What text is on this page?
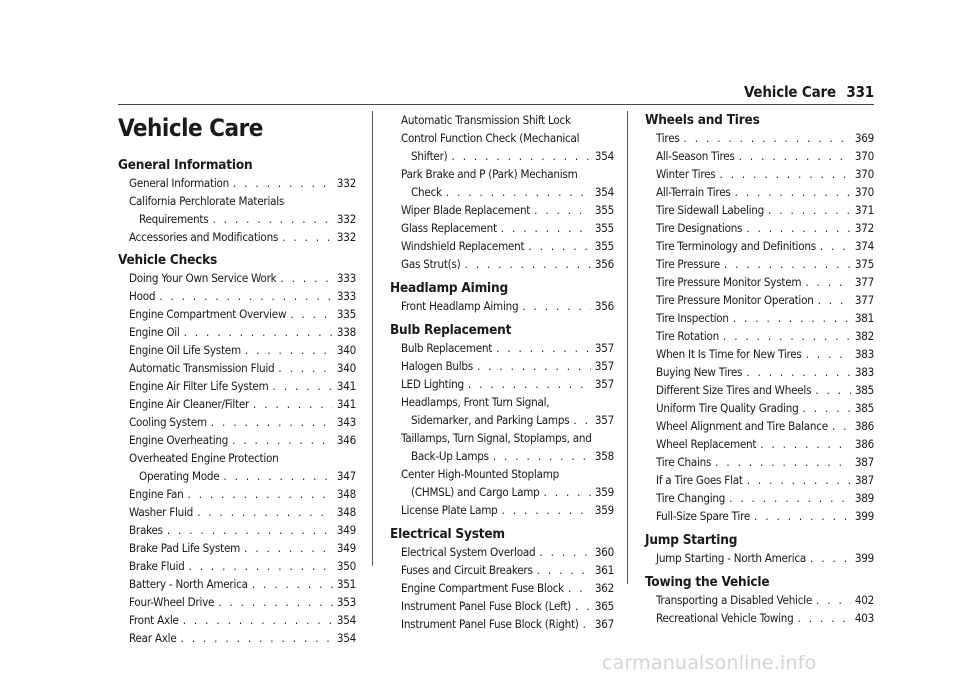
Vehicle Care 331
Vehicle Care
General Information
General Information . . .	332
California Perchlorate Materials
Requirements . . .	332
Accessories and Modifications . . .	332
Vehicle Checks
Doing Your Own Service Work . . .	333
Hood . . .	333
Engine Compartment Overview . . .	335
Engine Oil . . .	338
Engine Oil Life System . . .	340
Automatic Transmission Fluid . . .	340
Engine Air Filter Life System . . .	341
Engine Air Cleaner/Filter . . .	341
Cooling System . . .	343
Engine Overheating . . .	346
Overheated Engine Protection
Operating Mode . . .	347
Engine Fan . . .	348
Washer Fluid . . .	348
Brakes . . .	349
Brake Pad Life System . . .	349
Brake Fluid . . .	350
Battery - North America . . .	351
Four-Wheel Drive . . .	353
Front Axle . . .	354
Rear Axle . . .	354
Automatic Transmission Shift Lock
Control Function Check (Mechanical
Shifter) . . .	354
Park Brake and P (Park) Mechanism
Check . . .	354
Wiper Blade Replacement . . .	355
Glass Replacement . . .	355
Windshield Replacement . . .	355
Gas Strut(s) . . .	356
Headlamp Aiming
Front Headlamp Aiming . . .	356
Bulb Replacement
Bulb Replacement . . .	357
Halogen Bulbs . . .	357
LED Lighting . . .	357
Headlamps, Front Turn Signal,
Sidemarker, and Parking Lamps . . . 357
Taillamps, Turn Signal, Stoplamps, and
Back-Up Lamps . . .	358
Center High-Mounted Stoplamp
(CHMSL) and Cargo Lamp . . .	359
License Plate Lamp . . .	359
Electrical System
Electrical System Overload . . .	360
Fuses and Circuit Breakers . . .	361
Engine Compartment Fuse Block . . .	362
Instrument Panel Fuse Block (Left) . . . 365
Instrument Panel Fuse Block (Right) . . . 367
Wheels and Tires
Tires . . .	369
All-Season Tires . . .	370
Winter Tires . . .	370
All-Terrain Tires . . .	370
Tire Sidewall Labeling . . .	371
Tire Designations . . .	372
Tire Terminology and Definitions . . .	374
Tire Pressure . . .	375
Tire Pressure Monitor System . . .	377
Tire Pressure Monitor Operation . . .	377
Tire Inspection . . .	381
Tire Rotation . . .	382
When It Is Time for New Tires . . .	383
Buying New Tires . . .	383
Different Size Tires and Wheels . . .	385
Uniform Tire Quality Grading . . .	385
Wheel Alignment and Tire Balance . . . 386
Wheel Replacement . . .	386
Tire Chains . . .	387
If a Tire Goes Flat . . .	387
Tire Changing . . .	389
Full-Size Spare Tire . . .	399
Jump Starting
Jump Starting - North America . . .	399
Towing the Vehicle
Transporting a Disabled Vehicle . . .	402
Recreational Vehicle Towing . . .	403
carmanualsonline.info
